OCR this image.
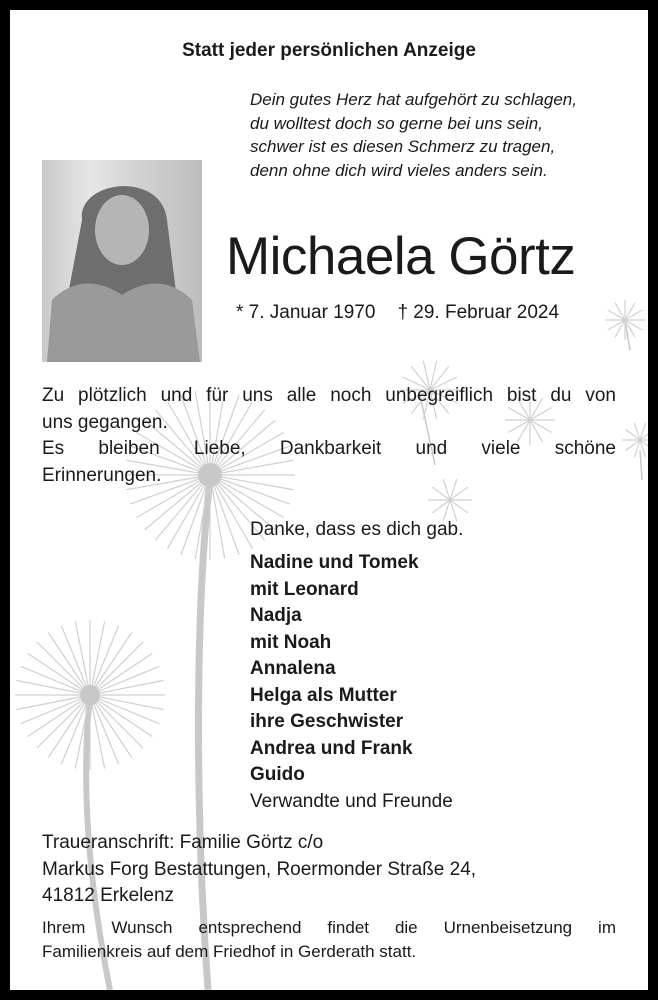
Statt jeder persönlichen Anzeige
Dein gutes Herz hat aufgehört zu schlagen,
du wolltest doch so gerne bei uns sein,
schwer ist es diesen Schmerz zu tragen,
denn ohne dich wird vieles anders sein.
Michaela Görtz
* 7. Januar 1970 † 29. Februar 2024

Zu plötzlich und für uns alle noch unbegreiflich bist du von

uns gegangen.

Es bleiben Liebe, Dankbarkeit und viele schöne

Erinnerungen.

Danke, dass es dich gab.
Nadine und Tomek
mit Leonard
Nadja
mit Noah
Annalena
Helga als Mutter
ihre Geschwister
Andrea und Frank
Guido
Verwandte und Freunde
Traueranschrift: Familie Görtz c/o
Markus Forg Bestattungen, Roermonder Straße 24,
41812 Erkelenz
Ihrem Wunsch entsprechend findet die Urnenbeisetzung im
Familienkreis auf dem Friedhof in Gerderath statt.
